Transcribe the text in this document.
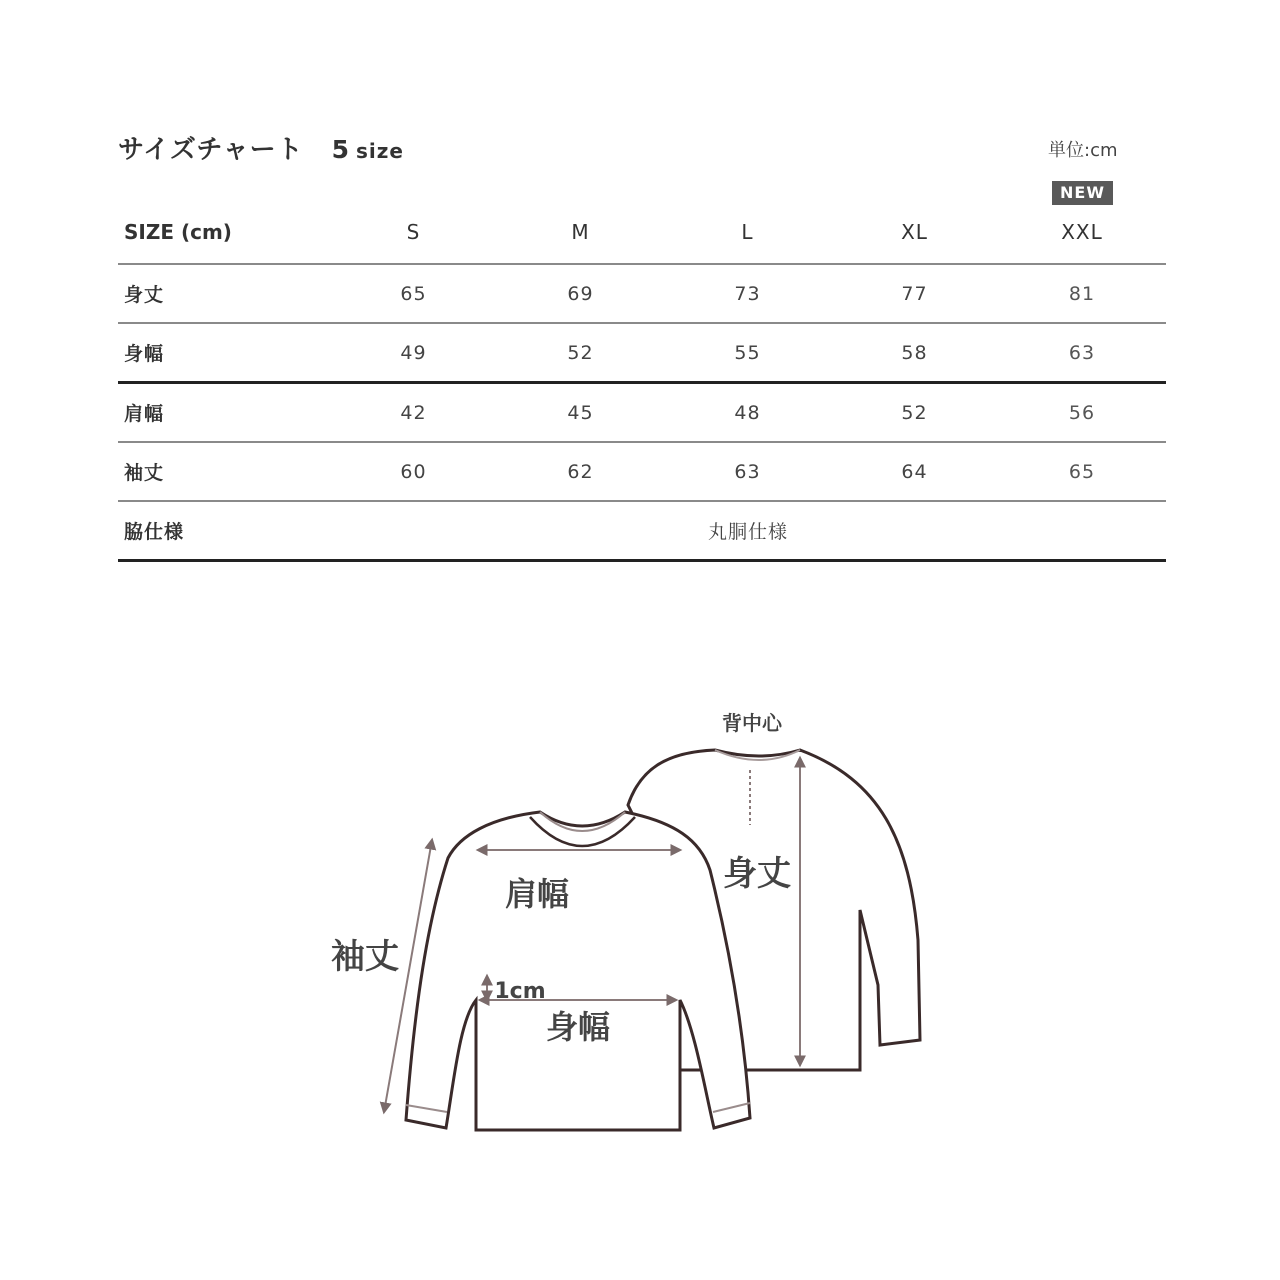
サイズチャート 5 size	単位:cm
NEW
SIZE (cm)	S	M	L	XL	XXL
身丈	65	69	73	77	81
身幅	49	52	55	58	63
肩幅	42	45	48	52	56
袖丈	60	62	63	64	65
脇仕様	丸胴仕様				
背中心
身丈
肩幅
袖丈
1cm
身幅
